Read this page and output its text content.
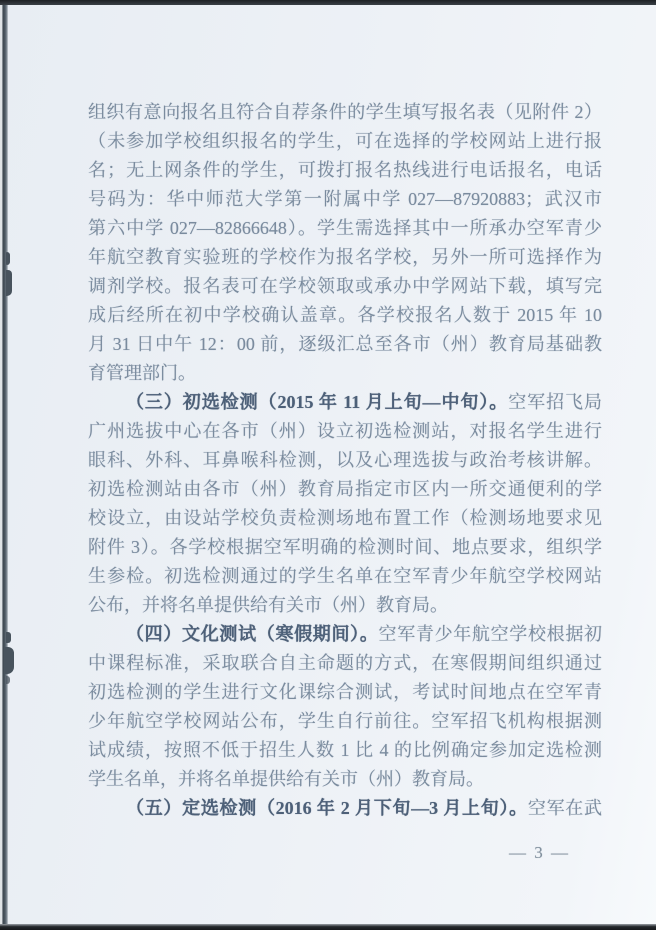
组织有意向报名且符合自荐条件的学生填写报名表（见附件 2）
（未参加学校组织报名的学生，可在选择的学校网站上进行报
名；无上网条件的学生，可拨打报名热线进行电话报名，电话
号码为：华中师范大学第一附属中学 027—87920883；武汉市
第六中学 027—82866648）。学生需选择其中一所承办空军青少
年航空教育实验班的学校作为报名学校，另外一所可选择作为
调剂学校。报名表可在学校领取或承办中学网站下载，填写完
成后经所在初中学校确认盖章。各学校报名人数于 2015 年 10
月 31 日中午 12：00 前，逐级汇总至各市（州）教育局基础教
育管理部门。
（三）初选检测（2015 年 11 月上旬—中旬）。空军招飞局
广州选拔中心在各市（州）设立初选检测站，对报名学生进行
眼科、外科、耳鼻喉科检测，以及心理选拔与政治考核讲解。
初选检测站由各市（州）教育局指定市区内一所交通便利的学
校设立，由设站学校负责检测场地布置工作（检测场地要求见
附件 3）。各学校根据空军明确的检测时间、地点要求，组织学
生参检。初选检测通过的学生名单在空军青少年航空学校网站
公布，并将名单提供给有关市（州）教育局。
（四）文化测试（寒假期间）。空军青少年航空学校根据初
中课程标准，采取联合自主命题的方式，在寒假期间组织通过
初选检测的学生进行文化课综合测试，考试时间地点在空军青
少年航空学校网站公布，学生自行前往。空军招飞机构根据测
试成绩，按照不低于招生人数 1 比 4 的比例确定参加定选检测
学生名单，并将名单提供给有关市（州）教育局。
（五）定选检测（2016 年 2 月下旬—3 月上旬）。空军在武
— 3 —
